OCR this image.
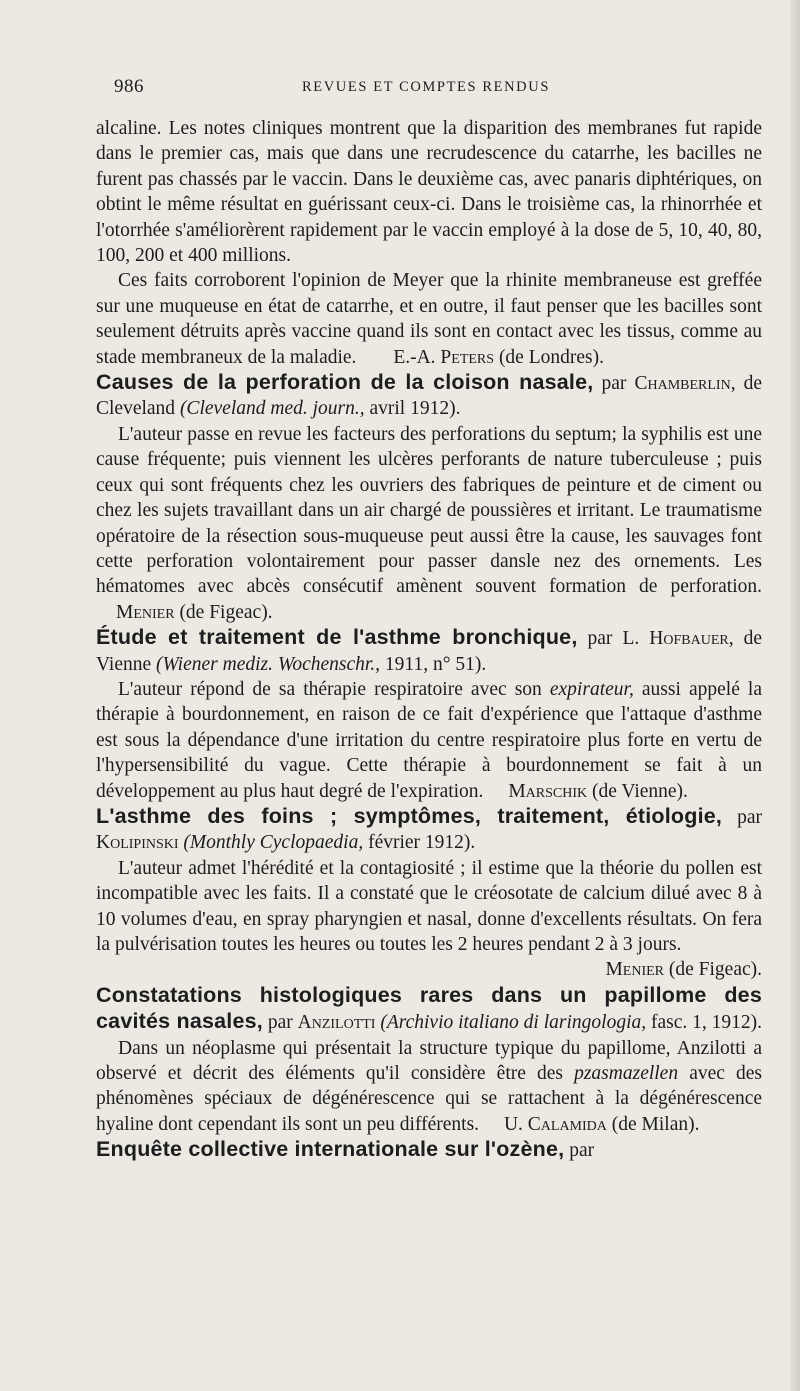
986	REVUES ET COMPTES RENDUS

alcaline. Les notes cliniques montrent que la disparition des membranes fut rapide dans le premier cas, mais que dans une recrudescence du catarrhe, les bacilles ne furent pas chassés par le vaccin. Dans le deuxième cas, avec panaris diphtériques, on obtint le même résultat en guérissant ceux-ci. Dans le troisième cas, la rhinorrhée et l'otorrhée s'améliorèrent rapidement par le vaccin employé à la dose de 5, 10, 40, 80, 100, 200 et 400 millions.

Ces faits corroborent l'opinion de Meyer que la rhinite membraneuse est greffée sur une muqueuse en état de catarrhe, et en outre, il faut penser que les bacilles sont seulement détruits après vaccine quand ils sont en contact avec les tissus, comme au stade membraneux de la maladie. E.-A. Peters (de Londres).

Causes de la perforation de la cloison nasale, par Chamberlin, de Cleveland (Cleveland med. journ., avril 1912).

L'auteur passe en revue les facteurs des perforations du septum; la syphilis est une cause fréquente; puis viennent les ulcères perforants de nature tuberculeuse ; puis ceux qui sont fréquents chez les ouvriers des fabriques de peinture et de ciment ou chez les sujets travaillant dans un air chargé de poussières et irritant. Le traumatisme opératoire de la résection sous-muqueuse peut aussi être la cause, les sauvages font cette perforation volontairement pour passer dansle nez des ornements. Les hématomes avec abcès consécutif amènent souvent formation de perforation. Menier (de Figeac).

Étude et traitement de l'asthme bronchique, par L. Hofbauer, de Vienne (Wiener mediz. Wochenschr., 1911, n° 51).

L'auteur répond de sa thérapie respiratoire avec son expirateur, aussi appelé la thérapie à bourdonnement, en raison de ce fait d'expérience que l'attaque d'asthme est sous la dépendance d'une irritation du centre respiratoire plus forte en vertu de l'hypersensibilité du vague. Cette thérapie à bourdonnement se fait à un développement au plus haut degré de l'expiration. Marschik (de Vienne).

L'asthme des foins ; symptômes, traitement, étiologie, par Kolipinski (Monthly Cyclopaedia, février 1912).

L'auteur admet l'hérédité et la contagiosité ; il estime que la théorie du pollen est incompatible avec les faits. Il a constaté que le créosotate de calcium dilué avec 8 à 10 volumes d'eau, en spray pharyngien et nasal, donne d'excellents résultats. On fera la pulvérisation toutes les heures ou toutes les 2 heures pendant 2 à 3 jours.
Menier (de Figeac).

Constatations histologiques rares dans un papillome des cavités nasales, par Anzilotti (Archivio italiano di laringologia, fasc. 1, 1912).

Dans un néoplasme qui présentait la structure typique du papillome, Anzilotti a observé et décrit des éléments qu'il considère être des pzasmazellen avec des phénomènes spéciaux de dégénérescence qui se rattachent à la dégénérescence hyaline dont cependant ils sont un peu différents. U. Calamida (de Milan).

Enquête collective internationale sur l'ozène, par
